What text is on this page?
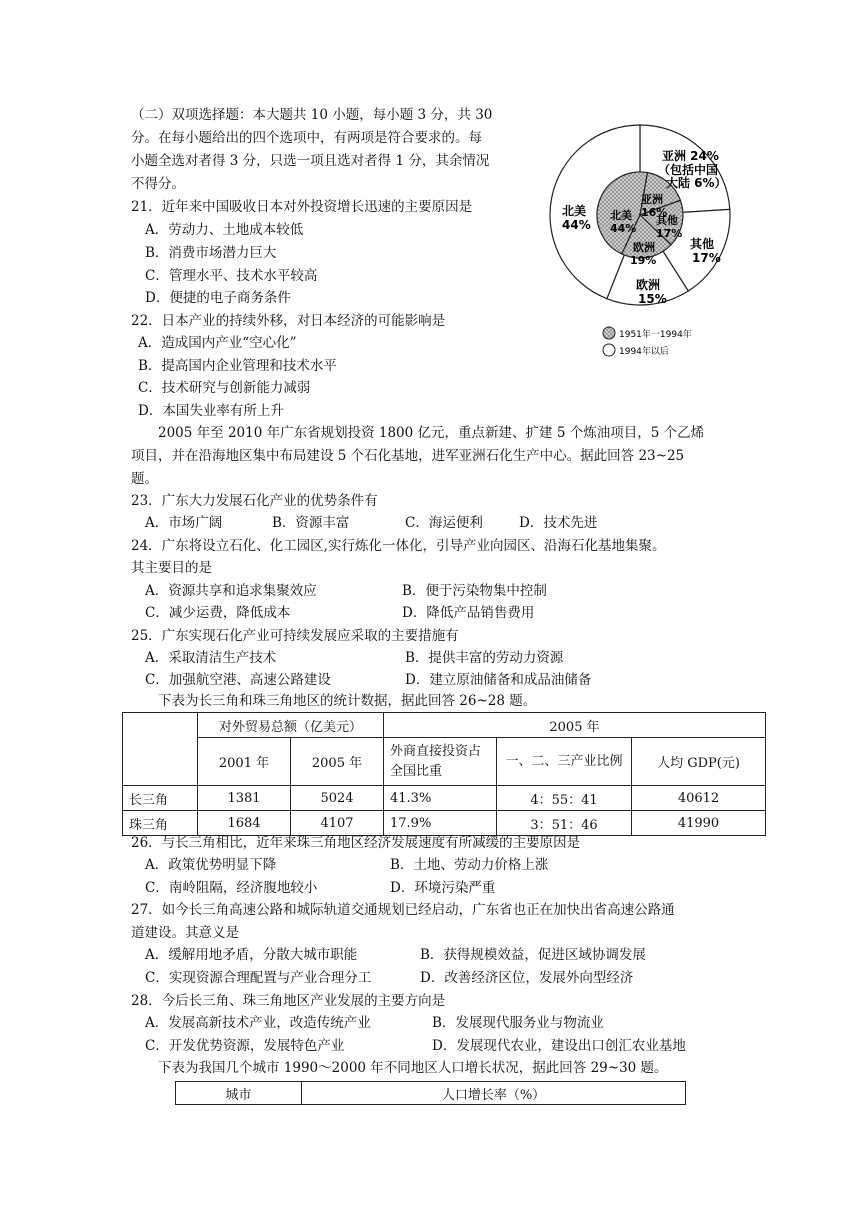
（二）双项选择题：本大题共 10 小题，每小题 3 分，共 30
分。在每小题给出的四个选项中，有两项是符合要求的。每
小题全选对者得 3 分，只选一项且选对者得 1 分，其余情况
不得分。
21．近年来中国吸收日本对外投资增长迅速的主要原因是
A．劳动力、土地成本较低
B．消费市场潜力巨大
C．管理水平、技术水平较高
D．便捷的电子商务条件
22．日本产业的持续外移，对日本经济的可能影响是
A．造成国内产业“空心化”
B．提高国内企业管理和技术水平
C．技术研究与创新能力减弱
D．本国失业率有所上升
亚洲 24%
（包括中国
大陆 6%）
北美
44%
其他
17%
欧洲
15%
北美
44%
亚洲
16%
其他
17%
欧洲
19%
1951年一1994年
1994年以后
2005 年至 2010 年广东省规划投资 1800 亿元，重点新建、扩建 5 个炼油项目，5 个乙烯
项目，并在沿海地区集中布局建设 5 个石化基地，进军亚洲石化生产中心。据此回答 23~25
题。
23．广东大力发展石化产业的优势条件有
A．市场广阔	B．资源丰富	C．海运便利	D．技术先进
24．广东将设立石化、化工园区,实行炼化一体化，引导产业向园区、沿海石化基地集聚。
其主要目的是
A．资源共享和追求集聚效应	B．便于污染物集中控制
C．减少运费，降低成本	D．降低产品销售费用
25．广东实现石化产业可持续发展应采取的主要措施有
A．采取清洁生产技术	B．提供丰富的劳动力资源
C．加强航空港、高速公路建设	D．建立原油储备和成品油储备
下表为长三角和珠三角地区的统计数据，据此回答 26~28 题。
	对外贸易总额（亿美元）		2005 年		
	2001 年	2005 年	外商直接投资占全国比重	一、二、三产业比例	人均 GDP(元)
长三角	1381	5024	41.3%	4：55：41	40612
珠三角	1684	4107	17.9%	3：51：46	41990
26．与长三角相比，近年来珠三角地区经济发展速度有所减缓的主要原因是
A．政策优势明显下降	B．土地、劳动力价格上涨
C．南岭阻隔，经济腹地较小	D．环境污染严重
27．如今长三角高速公路和城际轨道交通规划已经启动，广东省也正在加快出省高速公路通
道建设。其意义是
A．缓解用地矛盾，分散大城市职能	B．获得规模效益，促进区域协调发展
C．实现资源合理配置与产业合理分工	D．改善经济区位，发展外向型经济
28．今后长三角、珠三角地区产业发展的主要方向是
A．发展高新技术产业，改造传统产业	B．发展现代服务业与物流业
C．开发优势资源，发展特色产业	D．发展现代农业，建设出口创汇农业基地
下表为我国几个城市 1990～2000 年不同地区人口增长状况，据此回答 29~30 题。
城市	人口增长率（%）
